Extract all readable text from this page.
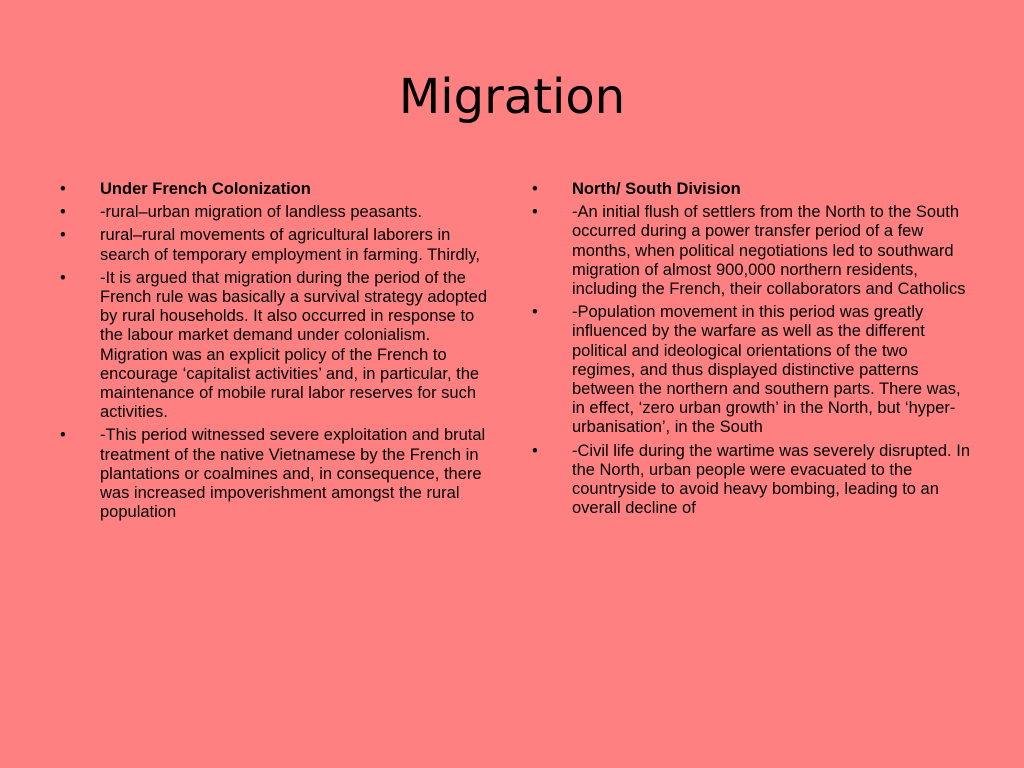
Migration
•	Under French Colonization
•	-rural–urban migration of landless peasants.
•	rural–rural movements of agricultural laborers in search of temporary employment in farming. Thirdly,
•	-It is argued that migration during the period of the French rule was basically a survival strategy adopted by rural households. It also occurred in response to the labour market demand under colonialism. Migration was an explicit policy of the French to encourage ‘capitalist activities’ and, in particular, the maintenance of mobile rural labor reserves for such activities.
•	-This period witnessed severe exploitation and brutal treatment of the native Vietnamese by the French in plantations or coalmines and, in consequence, there was increased impoverishment amongst the rural population
•	North/ South Division
•	-An initial flush of settlers from the North to the South occurred during a power transfer period of a few months, when political negotiations led to southward migration of almost 900,000 northern residents, including the French, their collaborators and Catholics
•	-Population movement in this period was greatly influenced by the warfare as well as the different political and ideological orientations of the two regimes, and thus displayed distinctive patterns between the northern and southern parts. There was, in effect, ‘zero urban growth’ in the North, but ‘hyper-urbanisation’, in the South
•	-Civil life during the wartime was severely disrupted. In the North, urban people were evacuated to the countryside to avoid heavy bombing, leading to an overall decline of
